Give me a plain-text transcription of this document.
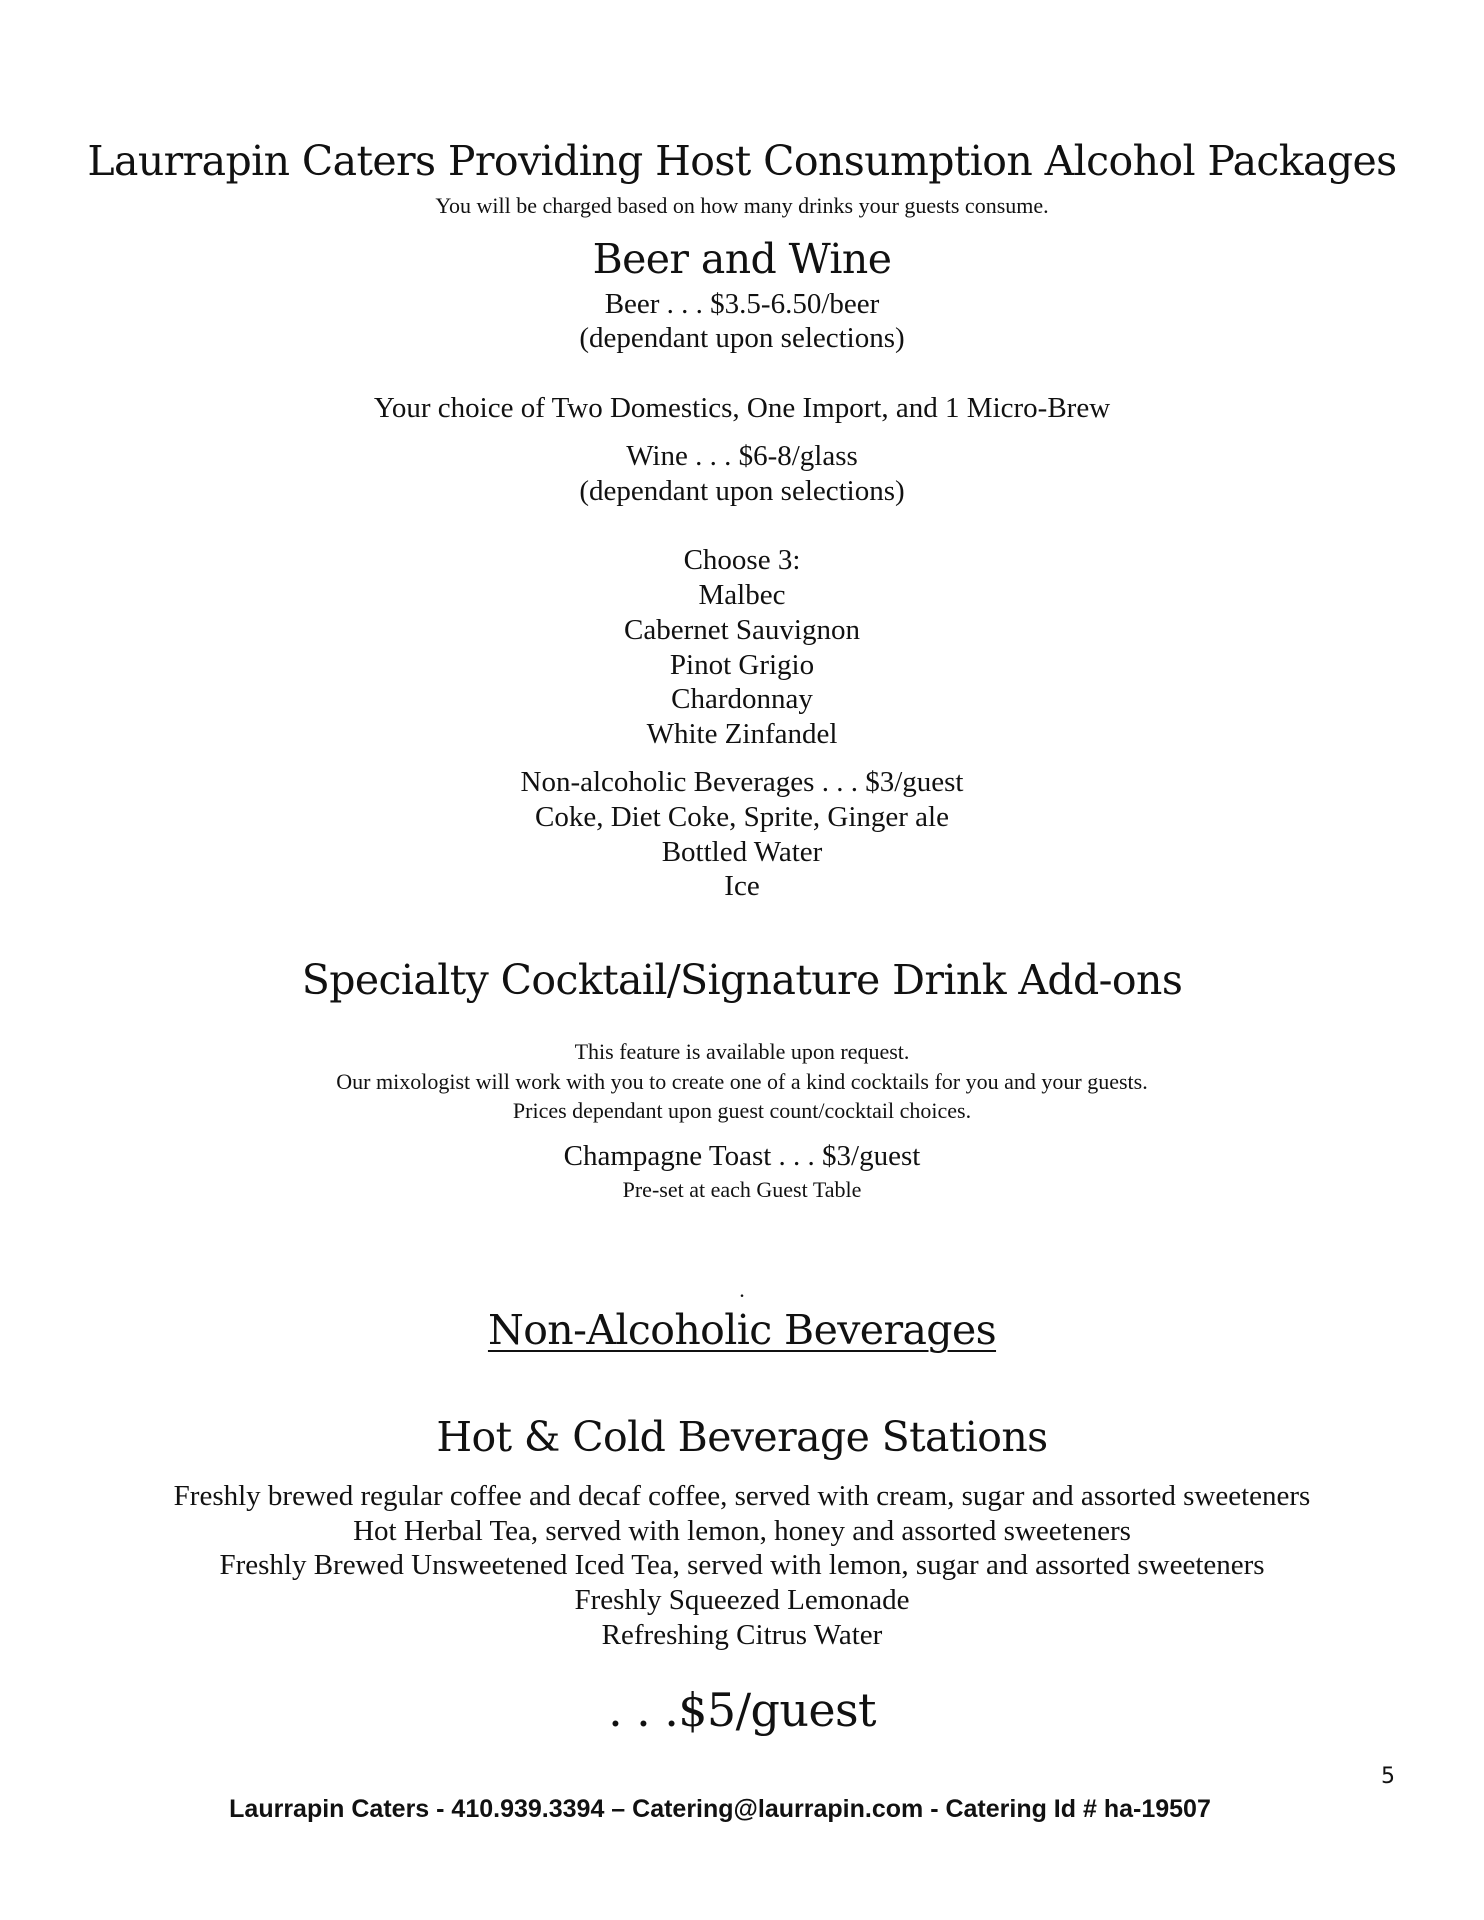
Laurrapin Caters Providing Host Consumption Alcohol Packages
You will be charged based on how many drinks your guests consume.
Beer and Wine
Beer . . . $3.5-6.50/beer
(dependant upon selections)
Your choice of Two Domestics, One Import, and 1 Micro-Brew
Wine . . . $6-8/glass
(dependant upon selections)
Choose 3:
Malbec
Cabernet Sauvignon
Pinot Grigio
Chardonnay
White Zinfandel
Non-alcoholic Beverages . . . $3/guest
Coke, Diet Coke, Sprite, Ginger ale
Bottled Water
Ice
Specialty Cocktail/Signature Drink Add-ons
This feature is available upon request.
Our mixologist will work with you to create one of a kind cocktails for you and your guests.
Prices dependant upon guest count/cocktail choices.
Champagne Toast . . . $3/guest
Pre-set at each Guest Table
.
Non-Alcoholic Beverages
Hot & Cold Beverage Stations
Freshly brewed regular coffee and decaf coffee, served with cream, sugar and assorted sweeteners
Hot Herbal Tea, served with lemon, honey and assorted sweeteners
Freshly Brewed Unsweetened Iced Tea, served with lemon, sugar and assorted sweeteners
Freshly Squeezed Lemonade
Refreshing Citrus Water
. . .$5/guest
5
Laurrapin Caters - 410.939.3394 – Catering@laurrapin.com - Catering Id # ha-19507
